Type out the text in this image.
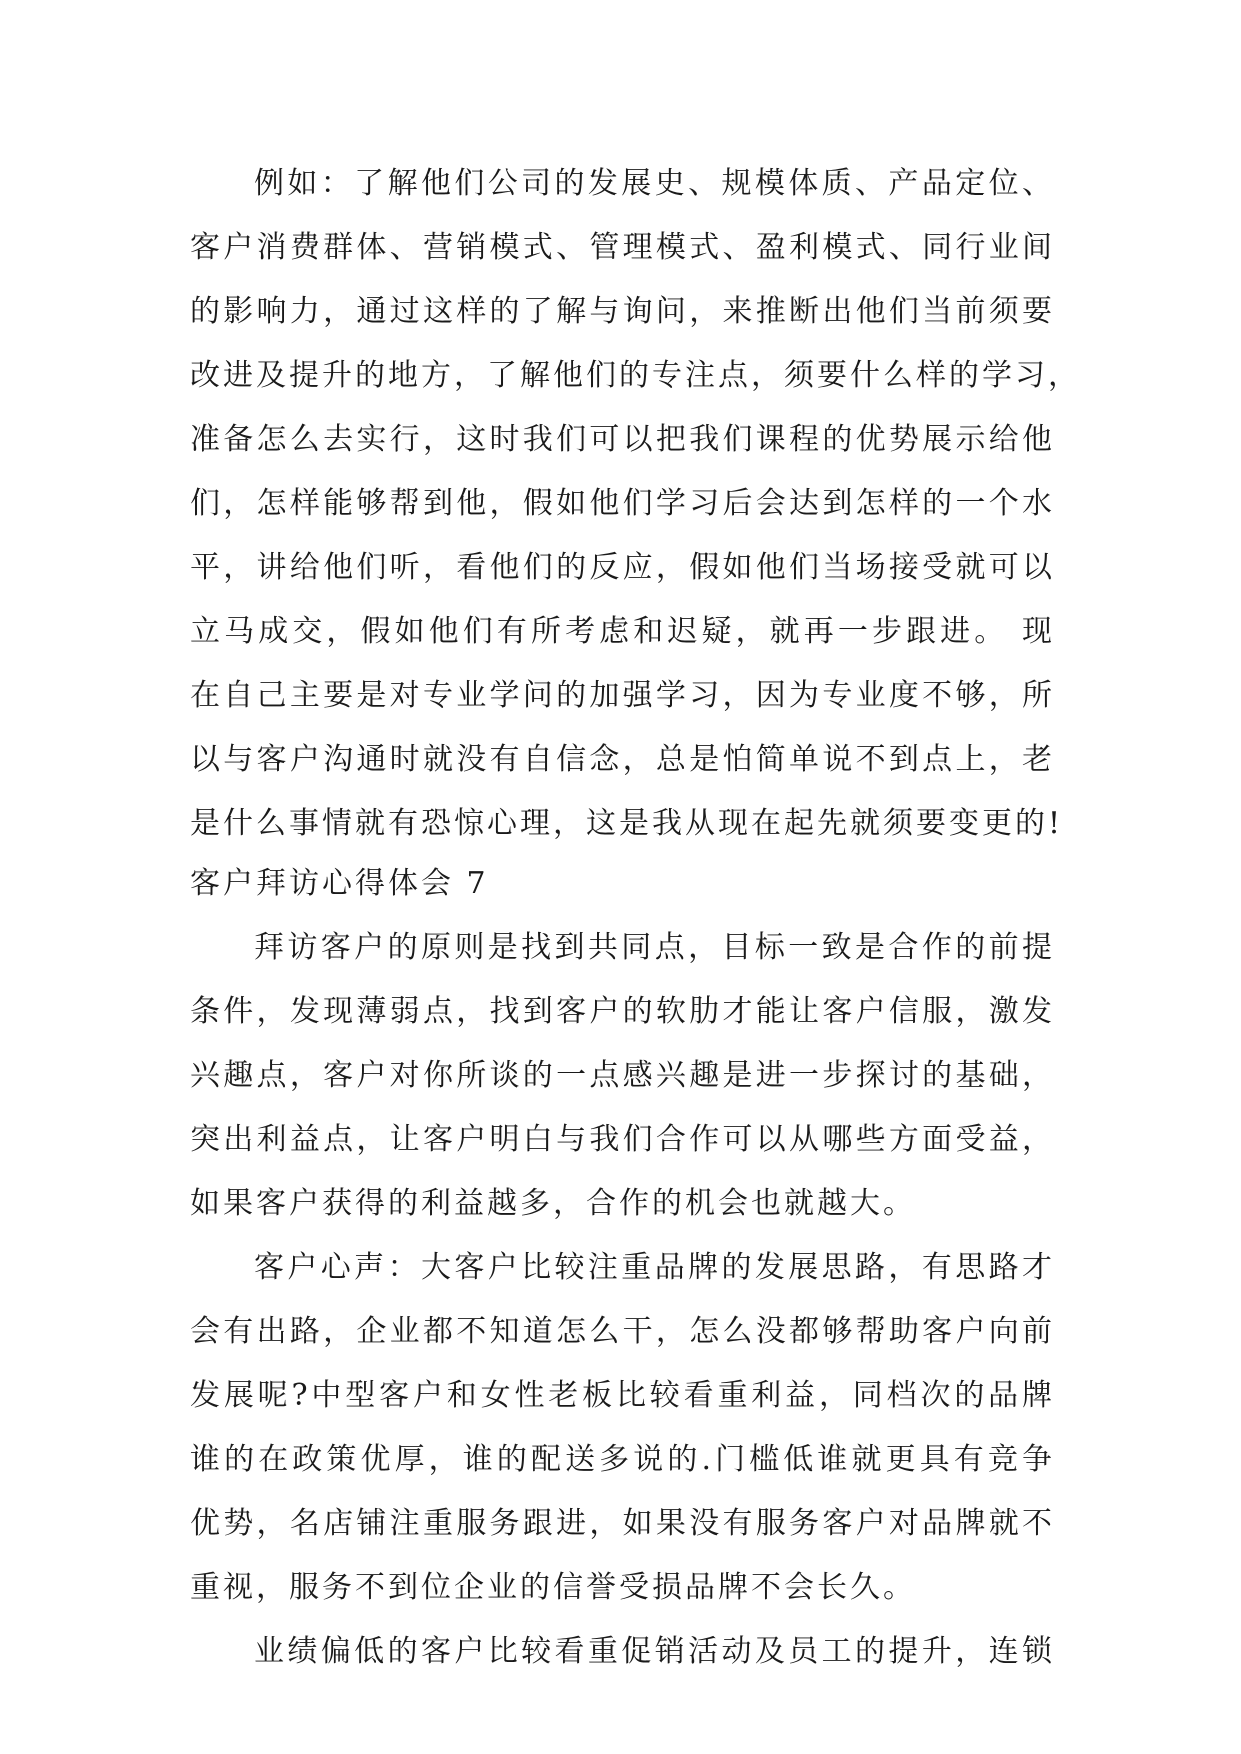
例如：了解他们公司的发展史、规模体质、产品定位、
客户消费群体、营销模式、管理模式、盈利模式、同行业间
的影响力，通过这样的了解与询问，来推断出他们当前须要
改进及提升的地方，了解他们的专注点，须要什么样的学习，
准备怎么去实行，这时我们可以把我们课程的优势展示给他
们，怎样能够帮到他，假如他们学习后会达到怎样的一个水
平，讲给他们听，看他们的反应，假如他们当场接受就可以
立马成交，假如他们有所考虑和迟疑，就再一步跟进。 现
在自己主要是对专业学问的加强学习，因为专业度不够，所
以与客户沟通时就没有自信念，总是怕简单说不到点上，老
是什么事情就有恐惊心理，这是我从现在起先就须要变更的!
客户拜访心得体会 7
拜访客户的原则是找到共同点，目标一致是合作的前提
条件，发现薄弱点，找到客户的软肋才能让客户信服，激发
兴趣点，客户对你所谈的一点感兴趣是进一步探讨的基础，
突出利益点，让客户明白与我们合作可以从哪些方面受益，
如果客户获得的利益越多，合作的机会也就越大。
客户心声：大客户比较注重品牌的发展思路，有思路才
会有出路，企业都不知道怎么干，怎么没都够帮助客户向前
发展呢?中型客户和女性老板比较看重利益，同档次的品牌
谁的在政策优厚，谁的配送多说的.门槛低谁就更具有竞争
优势，名店铺注重服务跟进，如果没有服务客户对品牌就不
重视，服务不到位企业的信誉受损品牌不会长久。
业绩偏低的客户比较看重促销活动及员工的提升，连锁
